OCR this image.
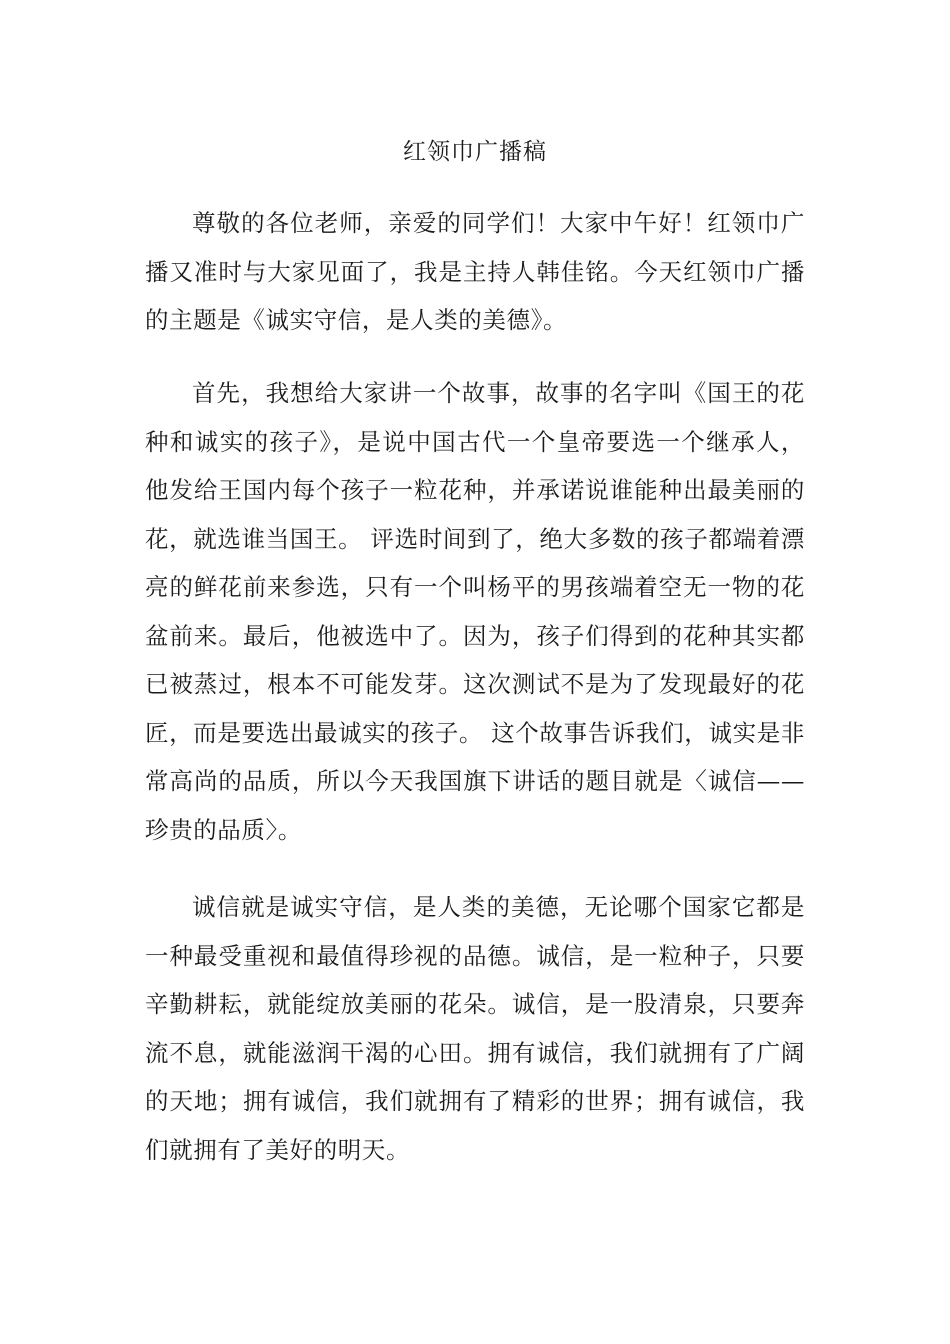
红领巾广播稿

尊敬的各位老师，亲爱的同学们！大家中午好！红领巾广播又准时与大家见面了，我是主持人韩佳铭。今天红领巾广播的主题是《诚实守信，是人类的美德》。

首先，我想给大家讲一个故事，故事的名字叫《国王的花种和诚实的孩子》，是说中国古代一个皇帝要选一个继承人，他发给王国内每个孩子一粒花种，并承诺说谁能种出最美丽的花，就选谁当国王。 评选时间到了，绝大多数的孩子都端着漂亮的鲜花前来参选，只有一个叫杨平的男孩端着空无一物的花盆前来。最后，他被选中了。因为，孩子们得到的花种其实都已被蒸过，根本不可能发芽。这次测试不是为了发现最好的花匠，而是要选出最诚实的孩子。 这个故事告诉我们，诚实是非常高尚的品质，所以今天我国旗下讲话的题目就是〈诚信——珍贵的品质〉。

诚信就是诚实守信，是人类的美德，无论哪个国家它都是一种最受重视和最值得珍视的品德。诚信，是一粒种子，只要辛勤耕耘，就能绽放美丽的花朵。诚信，是一股清泉，只要奔流不息，就能滋润干渴的心田。拥有诚信，我们就拥有了广阔的天地；拥有诚信，我们就拥有了精彩的世界；拥有诚信，我们就拥有了美好的明天。
